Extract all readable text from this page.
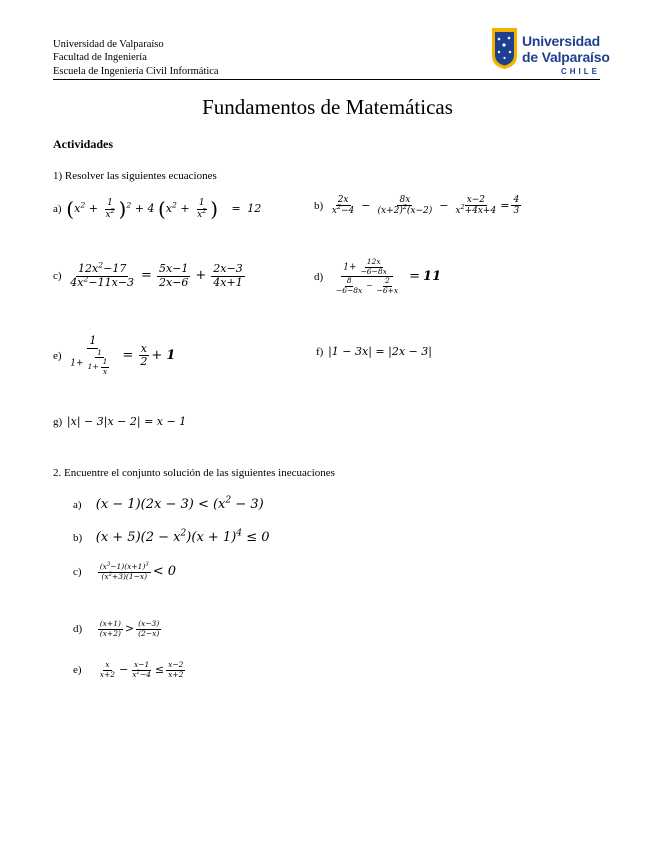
Universidad de Valparaíso
Facultad de Ingeniería
Escuela de Ingeniería Civil Informática
Universidad
de Valparaíso
CHILE
Fundamentos de Matemáticas
Actividades
1) Resolver las siguientes ecuaciones
a) $(x^2 + \frac{1}{x^2} )^2 + 4$ ($x^2 + \frac{1}{x^2}$ )   = 12	$b) \frac{2x}{x^2-4} - \frac{8x}{(x+2)^2(x-2)} - \frac{x-2}{x^2+4x+4} = \frac{4}{3}$
$c) \frac{12x^2-17}{4x^2-11x-3} = \frac{5x-1}{2x-6} + \frac{2x-3}{4x+1}$	$d) \frac{1+ \frac{12x}{-6-8x}}{\frac{8}{-6-8x} - \frac{2}{-6+x}} = 11$
$e) \frac{1}{1+ \frac{1}{1+ \frac{1}{x}}} = \frac{x}{2} + 1$	f) |1 − 3x| = |2x − 3|
g) |x| − 3|x − 2| = x − 1
2. Encuentre el conjunto solución de las siguientes inecuaciones
a) $(x - 1)(2x - 3) < (x^2 - 3)$
b) $(x + 5)(2 - x^2)(x + 1)^4 \le 0$
$c) \frac{(x^3-1)(x+1)^3}{(x^2+3)(1-x)} < 0$
$d) \frac{(x+1)}{(x+2)} > \frac{(x-3)}{(2-x)}$
$e) \frac{x}{x+2} - \frac{x-1}{x^2-4} \le \frac{x-2}{x+2}$
